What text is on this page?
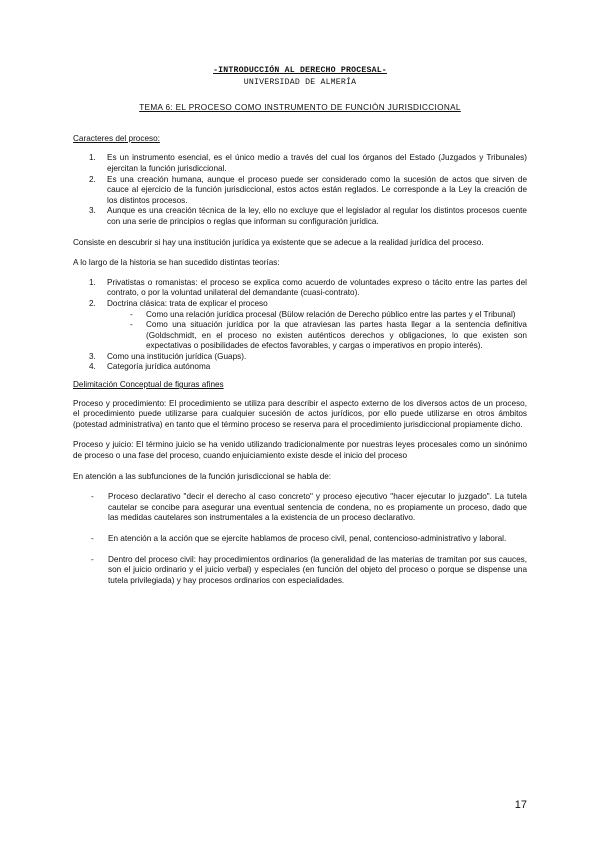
-INTRODUCCIÓN AL DERECHO PROCESAL-
UNIVERSIDAD DE ALMERÍA
TEMA 6: EL PROCESO COMO INSTRUMENTO DE FUNCIÓN JURISDICCIONAL
Caracteres del proceso:
1.	Es un instrumento esencial, es el único medio a través del cual los órganos del Estado (Juzgados y Tribunales) ejercitan la función jurisdiccional.
2.	Es una creación humana, aunque el proceso puede ser considerado como la sucesión de actos que sirven de cauce al ejercicio de la función jurisdiccional, estos actos están reglados. Le corresponde a la Ley la creación de los distintos procesos.
3.	Aunque es una creación técnica de la ley, ello no excluye que el legislador al regular los distintos procesos cuente con una serie de principios o reglas que informan su configuración jurídica.

Consiste en descubrir si hay una institución jurídica ya existente que se adecue a la realidad jurídica del proceso.

A lo largo de la historia se han sucedido distintas teorías:

1.	Privatistas o romanistas: el proceso se explica como acuerdo de voluntades expreso o tácito entre las partes del contrato, o por la voluntad unilateral del demandante (cuasi-contrato).
2.	Doctrina clásica: trata de explicar el proceso
-	Como una relación jurídica procesal (Bülow relación de Derecho público entre las partes y el Tribunal)
-	Como una situación jurídica por la que atraviesan las partes hasta llegar a la sentencia definitiva (Goldschmidt, en el proceso no existen auténticos derechos y obligaciones, lo que existen son expectativas o posibilidades de efectos favorables, y cargas o imperativos en propio interés).
3.	Como una institución jurídica (Guaps).
4.	Categoría jurídica autónoma
Delimitación Conceptual de figuras afines

Proceso y procedimiento: El procedimiento se utiliza para describir el aspecto externo de los diversos actos de un proceso, el procedimiento puede utilizarse para cualquier sucesión de actos jurídicos, por ello puede utilizarse en otros ámbitos (potestad administrativa) en tanto que el término proceso se reserva para el procedimiento jurisdiccional propiamente dicho.

Proceso y juicio: El término juicio se ha venido utilizando tradicionalmente por nuestras leyes procesales como un sinónimo de proceso o una fase del proceso, cuando enjuiciamiento existe desde el inicio del proceso

En atención a las subfunciones de la función jurisdiccional se habla de:

-	Proceso declarativo "decir el derecho al caso concreto" y proceso ejecutivo "hacer ejecutar lo juzgado". La tutela cautelar se concibe para asegurar una eventual sentencia de condena, no es propiamente un proceso, dado que las medidas cautelares son instrumentales a la existencia de un proceso declarativo.
-	En atención a la acción que se ejercite hablamos de proceso civil, penal, contencioso-administrativo y laboral.
-	Dentro del proceso civil: hay procedimientos ordinarios (la generalidad de las materias de tramitan por sus cauces, son el juicio ordinario y el juicio verbal) y especiales (en función del objeto del proceso o porque se dispense una tutela privilegiada) y hay procesos ordinarios con especialidades.
17
